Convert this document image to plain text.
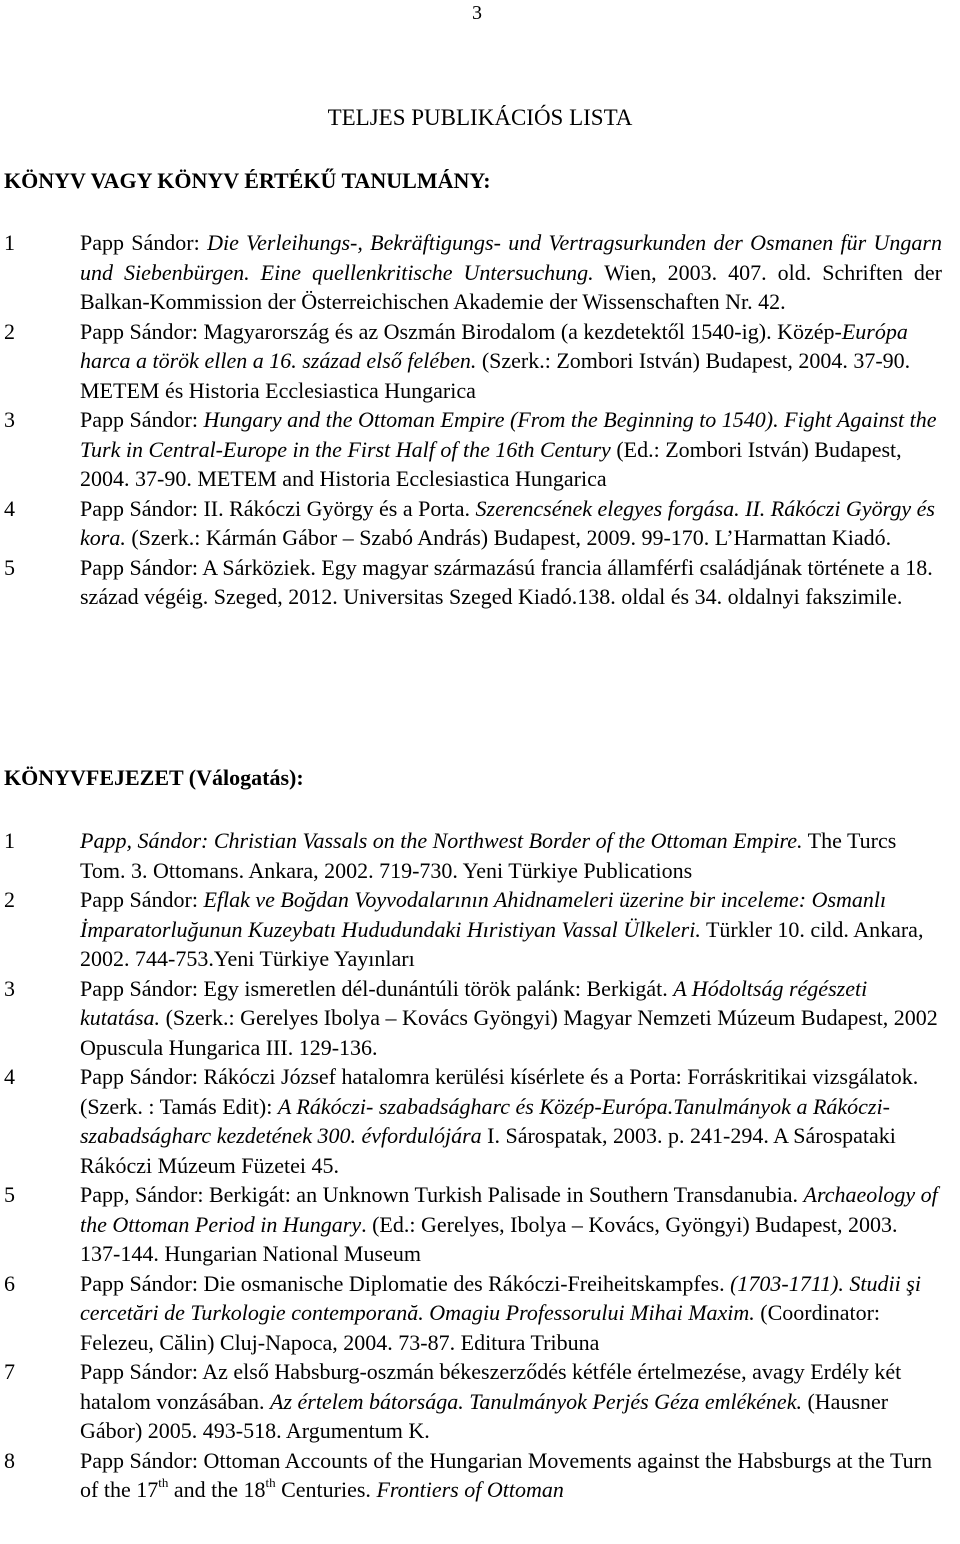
3
TELJES PUBLIKÁCIÓS LISTA
KÖNYV VAGY KÖNYV ÉRTÉKŰ TANULMÁNY:
1	Papp Sándor: Die Verleihungs-, Bekräftigungs- und Vertragsurkunden der Osmanen für Ungarn und Siebenbürgen. Eine quellenkritische Untersuchung. Wien, 2003. 407. old. Schriften der Balkan-Kommission der Österreichischen Akademie der Wissenschaften Nr. 42.
2	Papp Sándor: Magyarország és az Oszmán Birodalom (a kezdetektől 1540-ig). Közép-Európa harca a török ellen a 16. század első felében. (Szerk.: Zombori István) Budapest, 2004. 37-90. METEM és Historia Ecclesiastica Hungarica
3	Papp Sándor: Hungary and the Ottoman Empire (From the Beginning to 1540). Fight Against the Turk in Central-Europe in the First Half of the 16th Century (Ed.: Zombori István) Budapest, 2004. 37-90. METEM and Historia Ecclesiastica Hungarica
4	Papp Sándor: II. Rákóczi György és a Porta. Szerencsének elegyes forgása. II. Rákóczi György és kora. (Szerk.: Kármán Gábor – Szabó András) Budapest, 2009. 99-170. L’Harmattan Kiadó.
5	Papp Sándor: A Sárköziek. Egy magyar származású francia államférfi családjának története a 18. század végéig. Szeged, 2012. Universitas Szeged Kiadó.138. oldal és 34. oldalnyi fakszimile.
KÖNYVFEJEZET (Válogatás):
1	Papp, Sándor: Christian Vassals on the Northwest Border of the Ottoman Empire. The Turcs Tom. 3. Ottomans. Ankara, 2002. 719-730. Yeni Türkiye Publications
2	Papp Sándor: Eflak ve Boğdan Voyvodalarının Ahidnameleri üzerine bir inceleme: Osmanlı İmparatorluğunun Kuzeybatı Hududundaki Hıristiyan Vassal Ülkeleri. Türkler 10. cild. Ankara, 2002. 744-753.Yeni Türkiye Yayınları
3	Papp Sándor: Egy ismeretlen dél-dunántúli török palánk: Berkigát. A Hódoltság régészeti kutatása. (Szerk.: Gerelyes Ibolya – Kovács Gyöngyi) Magyar Nemzeti Múzeum Budapest, 2002 Opuscula Hungarica III. 129-136.
4	Papp Sándor: Rákóczi József hatalomra kerülési kísérlete és a Porta: Forráskritikai vizsgálatok. (Szerk. : Tamás Edit): A Rákóczi- szabadságharc és Közép-Európa.Tanulmányok a Rákóczi-szabadságharc kezdetének 300. évfordulójára I. Sárospatak, 2003. p. 241-294. A Sárospataki Rákóczi Múzeum Füzetei 45.
5	Papp, Sándor: Berkigát: an Unknown Turkish Palisade in Southern Transdanubia. Archaeology of the Ottoman Period in Hungary. (Ed.: Gerelyes, Ibolya – Kovács, Gyöngyi) Budapest, 2003. 137-144. Hungarian National Museum
6	Papp Sándor: Die osmanische Diplomatie des Rákóczi-Freiheitskampfes. (1703-1711). Studii şi cercetări de Turkologie contemporană. Omagiu Professorului Mihai Maxim. (Coordinator: Felezeu, Călin) Cluj-Napoca, 2004. 73-87. Editura Tribuna
7	Papp Sándor: Az első Habsburg-oszmán békeszerződés kétféle értelmezése, avagy Erdély két hatalom vonzásában. Az értelem bátorsága. Tanulmányok Perjés Géza emlékének. (Hausner Gábor) 2005. 493-518. Argumentum K.
8	Papp Sándor: Ottoman Accounts of the Hungarian Movements against the Habsburgs at the Turn of the 17th and the 18th Centuries. Frontiers of Ottoman
